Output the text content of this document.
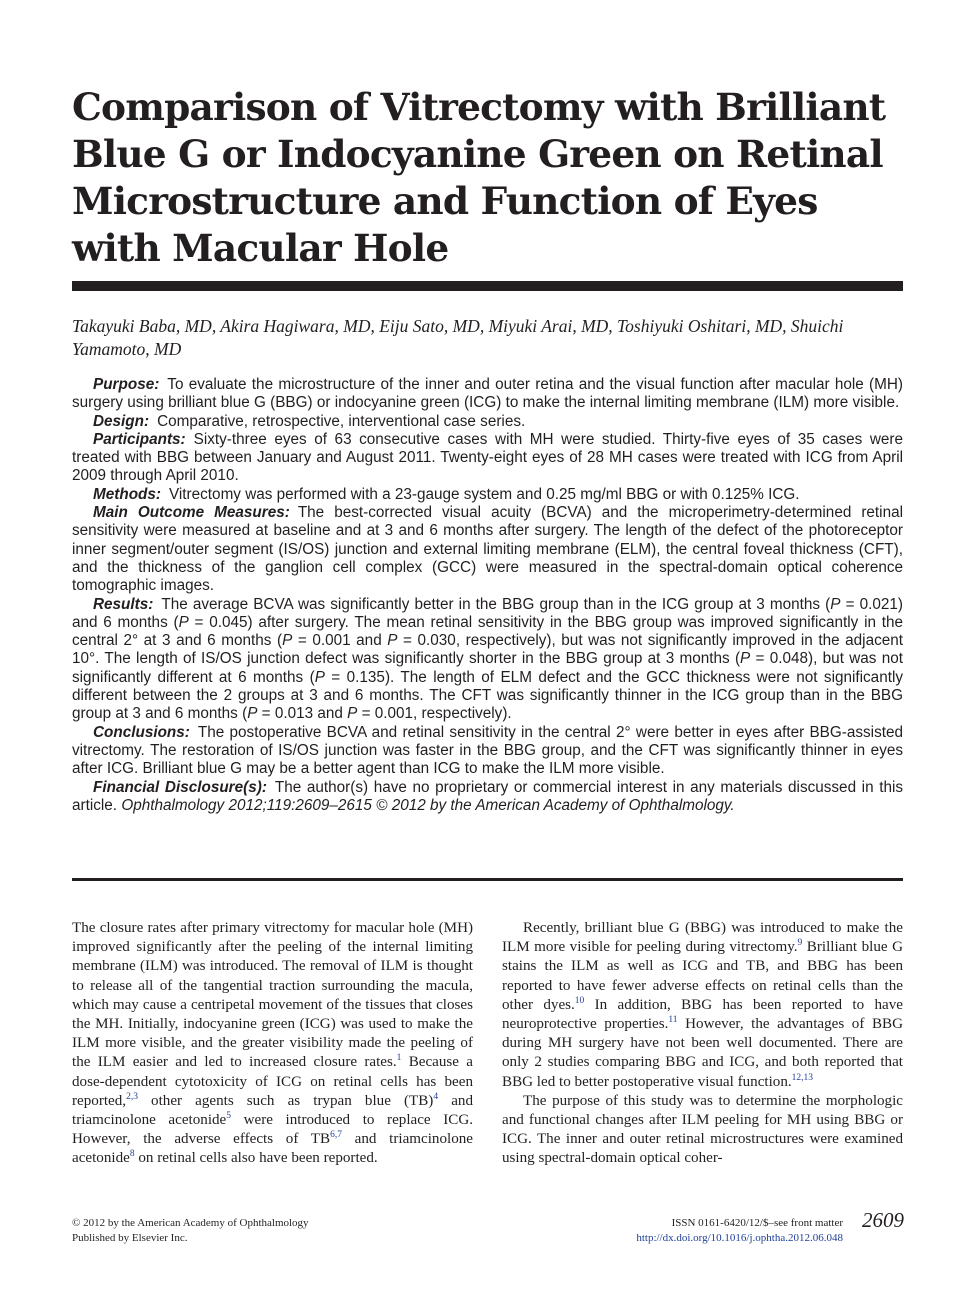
Comparison of Vitrectomy with Brilliant Blue G or Indocyanine Green on Retinal Microstructure and Function of Eyes with Macular Hole
Takayuki Baba, MD, Akira Hagiwara, MD, Eiju Sato, MD, Miyuki Arai, MD, Toshiyuki Oshitari, MD, Shuichi Yamamoto, MD

Purpose: To evaluate the microstructure of the inner and outer retina and the visual function after macular hole (MH) surgery using brilliant blue G (BBG) or indocyanine green (ICG) to make the internal limiting membrane (ILM) more visible.

Design: Comparative, retrospective, interventional case series.

Participants: Sixty-three eyes of 63 consecutive cases with MH were studied. Thirty-five eyes of 35 cases were treated with BBG between January and August 2011. Twenty-eight eyes of 28 MH cases were treated with ICG from April 2009 through April 2010.

Methods: Vitrectomy was performed with a 23-gauge system and 0.25 mg/ml BBG or with 0.125% ICG.

Main Outcome Measures: The best-corrected visual acuity (BCVA) and the microperimetry-determined retinal sensitivity were measured at baseline and at 3 and 6 months after surgery. The length of the defect of the photoreceptor inner segment/outer segment (IS/OS) junction and external limiting membrane (ELM), the central foveal thickness (CFT), and the thickness of the ganglion cell complex (GCC) were measured in the spectral-domain optical coherence tomographic images.

Results: The average BCVA was significantly better in the BBG group than in the ICG group at 3 months (P = 0.021) and 6 months (P = 0.045) after surgery. The mean retinal sensitivity in the BBG group was improved significantly in the central 2° at 3 and 6 months (P = 0.001 and P = 0.030, respectively), but was not significantly improved in the adjacent 10°. The length of IS/OS junction defect was significantly shorter in the BBG group at 3 months (P = 0.048), but was not significantly different at 6 months (P = 0.135). The length of ELM defect and the GCC thickness were not significantly different between the 2 groups at 3 and 6 months. The CFT was significantly thinner in the ICG group than in the BBG group at 3 and 6 months (P = 0.013 and P = 0.001, respectively).

Conclusions: The postoperative BCVA and retinal sensitivity in the central 2° were better in eyes after BBG-assisted vitrectomy. The restoration of IS/OS junction was faster in the BBG group, and the CFT was significantly thinner in eyes after ICG. Brilliant blue G may be a better agent than ICG to make the ILM more visible.

Financial Disclosure(s): The author(s) have no proprietary or commercial interest in any materials discussed in this article. Ophthalmology 2012;119:2609–2615 © 2012 by the American Academy of Ophthalmology.

The closure rates after primary vitrectomy for macular hole (MH) improved significantly after the peeling of the internal limiting membrane (ILM) was introduced. The removal of ILM is thought to release all of the tangential traction surrounding the macula, which may cause a centripetal movement of the tissues that closes the MH. Initially, indocyanine green (ICG) was used to make the ILM more visible, and the greater visibility made the peeling of the ILM easier and led to increased closure rates.$^1$ Because a dose-dependent cytotoxicity of ICG on retinal cells has been reported,$^{2,3}$ other agents such as trypan blue (TB)$^4$ and triamcinolone acetonide$^5$ were introduced to replace ICG. However, the adverse effects of TB$^{6,7}$ and triamcinolone acetonide$^8$ on retinal cells also have been reported.

Recently, brilliant blue G (BBG) was introduced to make the ILM more visible for peeling during vitrectomy.$^9$ Brilliant blue G stains the ILM as well as ICG and TB, and BBG has been reported to have fewer adverse effects on retinal cells than the other dyes.$^{10}$ In addition, BBG has been reported to have neuroprotective properties.$^{11}$ However, the advantages of BBG during MH surgery have not been well documented. There are only 2 studies comparing BBG and ICG, and both reported that BBG led to better postoperative visual function.$^{12,13}$

The purpose of this study was to determine the morphologic and functional changes after ILM peeling for MH using BBG or ICG. The inner and outer retinal microstructures were examined using spectral-domain optical coher-

© 2012 by the American Academy of Ophthalmology
Published by Elsevier Inc.
ISSN 0161-6420/12/$–see front matter
http://dx.doi.org/10.1016/j.ophtha.2012.06.048
2609
